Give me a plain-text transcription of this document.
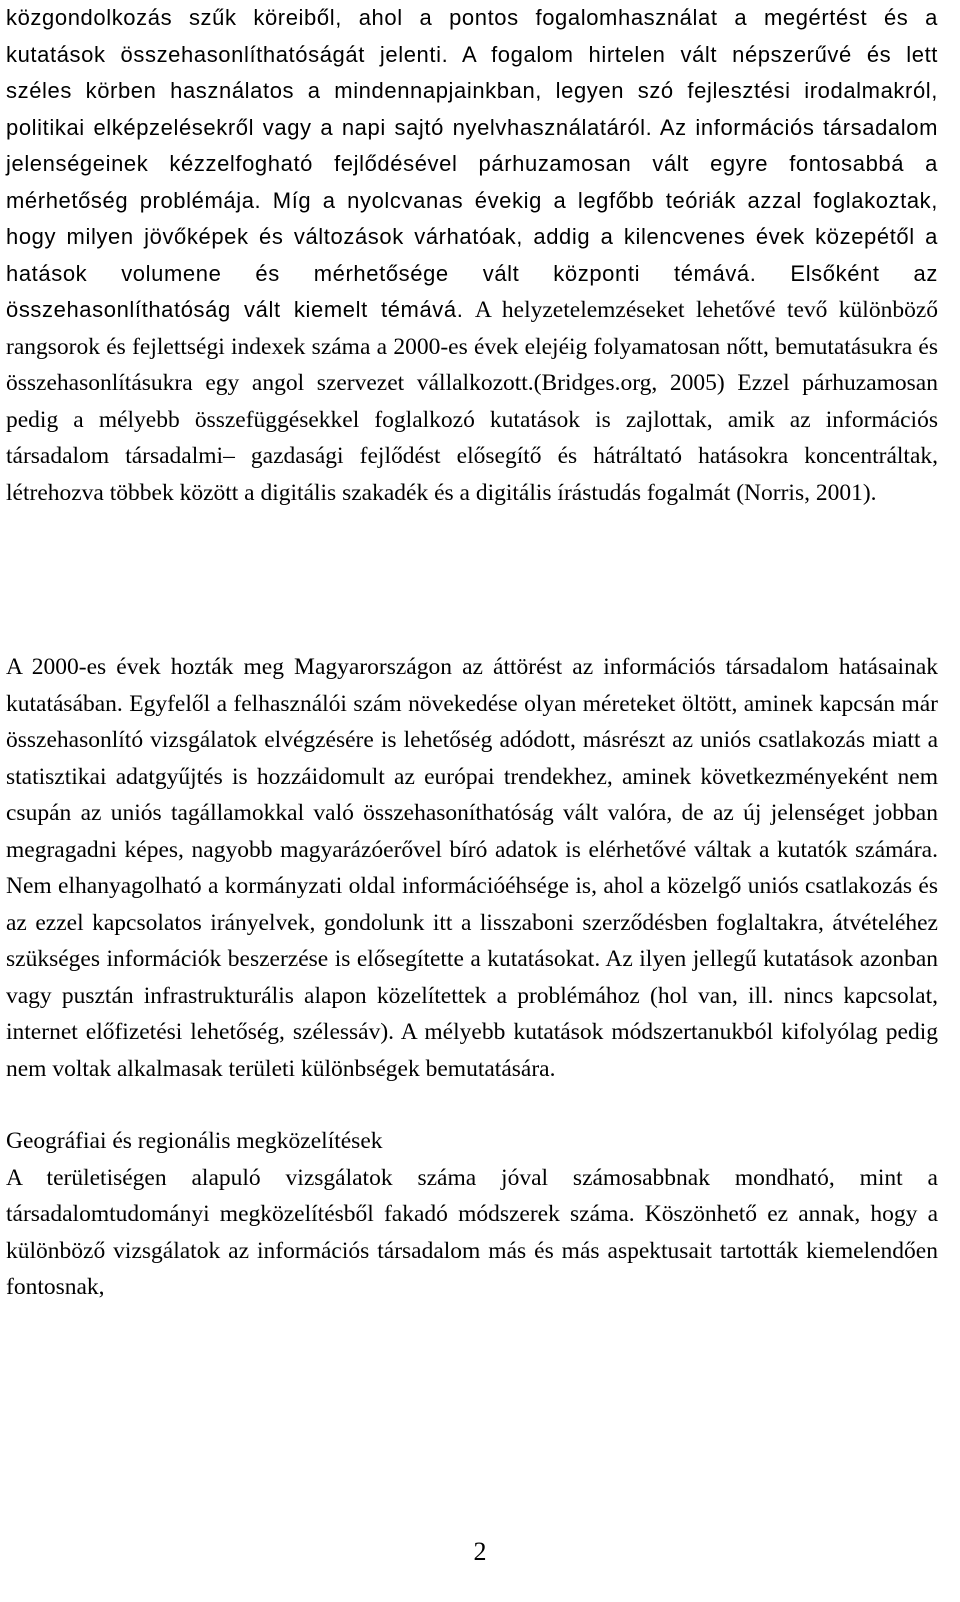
közgondolkozás szűk köreiből, ahol a pontos fogalomhasználat a megértést és a kutatások összehasonlíthatóságát jelenti. A fogalom hirtelen vált népszerűvé és lett széles körben használatos a mindennapjainkban, legyen szó fejlesztési irodalmakról, politikai elképzelésekről vagy a napi sajtó nyelvhasználatáról. Az információs társadalom jelenségeinek kézzelfogható fejlődésével párhuzamosan vált egyre fontosabbá a mérhetőség problémája. Míg a nyolcvanas évekig a legfőbb teóriák azzal foglakoztak, hogy milyen jövőképek és változások várhatóak, addig a kilencvenes évek közepétől a hatások volumene és mérhetősége vált központi témává. Elsőként az összehasonlíthatóság vált kiemelt témává. A helyzetelemzéseket lehetővé tevő különböző rangsorok és fejlettségi indexek száma a 2000-es évek elejéig folyamatosan nőtt, bemutatásukra és összehasonlításukra egy angol szervezet vállalkozott.(Bridges.org, 2005) Ezzel párhuzamosan pedig a mélyebb összefüggésekkel foglalkozó kutatások is zajlottak, amik az információs társadalom társadalmi– gazdasági fejlődést elősegítő és hátráltató hatásokra koncentráltak, létrehozva többek között a digitális szakadék és a digitális írástudás fogalmát (Norris, 2001).

A 2000-es évek hozták meg Magyarországon az áttörést az információs társadalom hatásainak kutatásában. Egyfelől a felhasználói szám növekedése olyan méreteket öltött, aminek kapcsán már összehasonlító vizsgálatok elvégzésére is lehetőség adódott, másrészt az uniós csatlakozás miatt a statisztikai adatgyűjtés is hozzáidomult az európai trendekhez, aminek következményeként nem csupán az uniós tagállamokkal való összehasoníthatóság vált valóra, de az új jelenséget jobban megragadni képes, nagyobb magyarázóerővel bíró adatok is elérhetővé váltak a kutatók számára. Nem elhanyagolható a kormányzati oldal információéhsége is, ahol a közelgő uniós csatlakozás és az ezzel kapcsolatos irányelvek, gondolunk itt a lisszaboni szerződésben foglaltakra, átvételéhez szükséges információk beszerzése is elősegítette a kutatásokat. Az ilyen jellegű kutatások azonban vagy pusztán infrastrukturális alapon közelítettek a problémához (hol van, ill. nincs kapcsolat, internet előfizetési lehetőség, szélessáv). A mélyebb kutatások módszertanukból kifolyólag pedig nem voltak alkalmasak területi különbségek bemutatására.

Geográfiai és regionális megközelítések

A területiségen alapuló vizsgálatok száma jóval számosabbnak mondható, mint a társadalomtudományi megközelítésből fakadó módszerek száma. Köszönhető ez annak, hogy a különböző vizsgálatok az információs társadalom más és más aspektusait tartották kiemelendően fontosnak,

2
